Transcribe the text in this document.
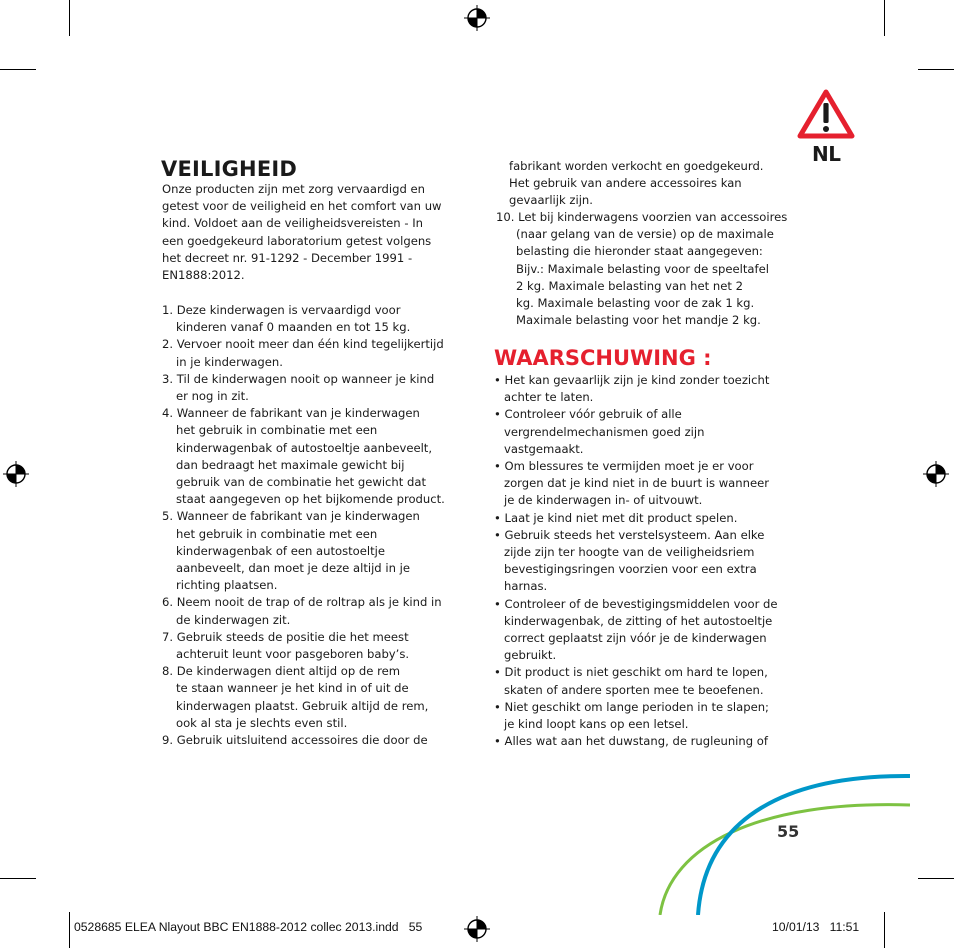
NL
VEILIGHEID

Onze producten zijn met zorg vervaardigd en

getest voor de veiligheid en het comfort van uw

kind. Voldoet aan de veiligheidsvereisten - In

een goedgekeurd laboratorium getest volgens

het decreet nr. 91-1292 - December 1991 -

EN1888:2012.

1. Deze kinderwagen is vervaardigd voor
kinderen vanaf 0 maanden en tot 15 kg.
2. Vervoer nooit meer dan één kind tegelijkertijd
in je kinderwagen.
3. Til de kinderwagen nooit op wanneer je kind
er nog in zit.
4. Wanneer de fabrikant van je kinderwagen
het gebruik in combinatie met een
kinderwagenbak of autostoeltje aanbeveelt,
dan bedraagt het maximale gewicht bij
gebruik van de combinatie het gewicht dat
staat aangegeven op het bijkomende product.
5. Wanneer de fabrikant van je kinderwagen
het gebruik in combinatie met een
kinderwagenbak of een autostoeltje
aanbeveelt, dan moet je deze altijd in je
richting plaatsen.
6. Neem nooit de trap of de roltrap als je kind in
de kinderwagen zit.
7. Gebruik steeds de positie die het meest
achteruit leunt voor pasgeboren baby’s.
8. De kinderwagen dient altijd op de rem
te staan wanneer je het kind in of uit de
kinderwagen plaatst. Gebruik altijd de rem,
ook al sta je slechts even stil.
9. Gebruik uitsluitend accessoires die door de

fabrikant worden verkocht en goedgekeurd.

Het gebruik van andere accessoires kan

gevaarlijk zijn.

10. Let bij kinderwagens voorzien van accessoires
(naar gelang van de versie) op de maximale
belasting die hieronder staat aangegeven:
Bijv.: Maximale belasting voor de speeltafel
2 kg. Maximale belasting van het net 2
kg. Maximale belasting voor de zak 1 kg.
Maximale belasting voor het mandje 2 kg.
WAARSCHUWING :
• Het kan gevaarlijk zijn je kind zonder toezicht
achter te laten.
• Controleer vóór gebruik of alle
vergrendelmechanismen goed zijn
vastgemaakt.
• Om blessures te vermijden moet je er voor
zorgen dat je kind niet in de buurt is wanneer
je de kinderwagen in- of uitvouwt.
• Laat je kind niet met dit product spelen.
• Gebruik steeds het verstelsysteem. Aan elke
zijde zijn ter hoogte van de veiligheidsriem
bevestigingsringen voorzien voor een extra
harnas.
• Controleer of de bevestigingsmiddelen voor de
kinderwagenbak, de zitting of het autostoeltje
correct geplaatst zijn vóór je de kinderwagen
gebruikt.
• Dit product is niet geschikt om hard te lopen,
skaten of andere sporten mee te beoefenen.
• Niet geschikt om lange perioden in te slapen;
je kind loopt kans op een letsel.
• Alles wat aan het duwstang, de rugleuning of
55
0528685 ELEA Nlayout BBC EN1888-2012 collec 2013.indd   55	10/01/13   11:51
